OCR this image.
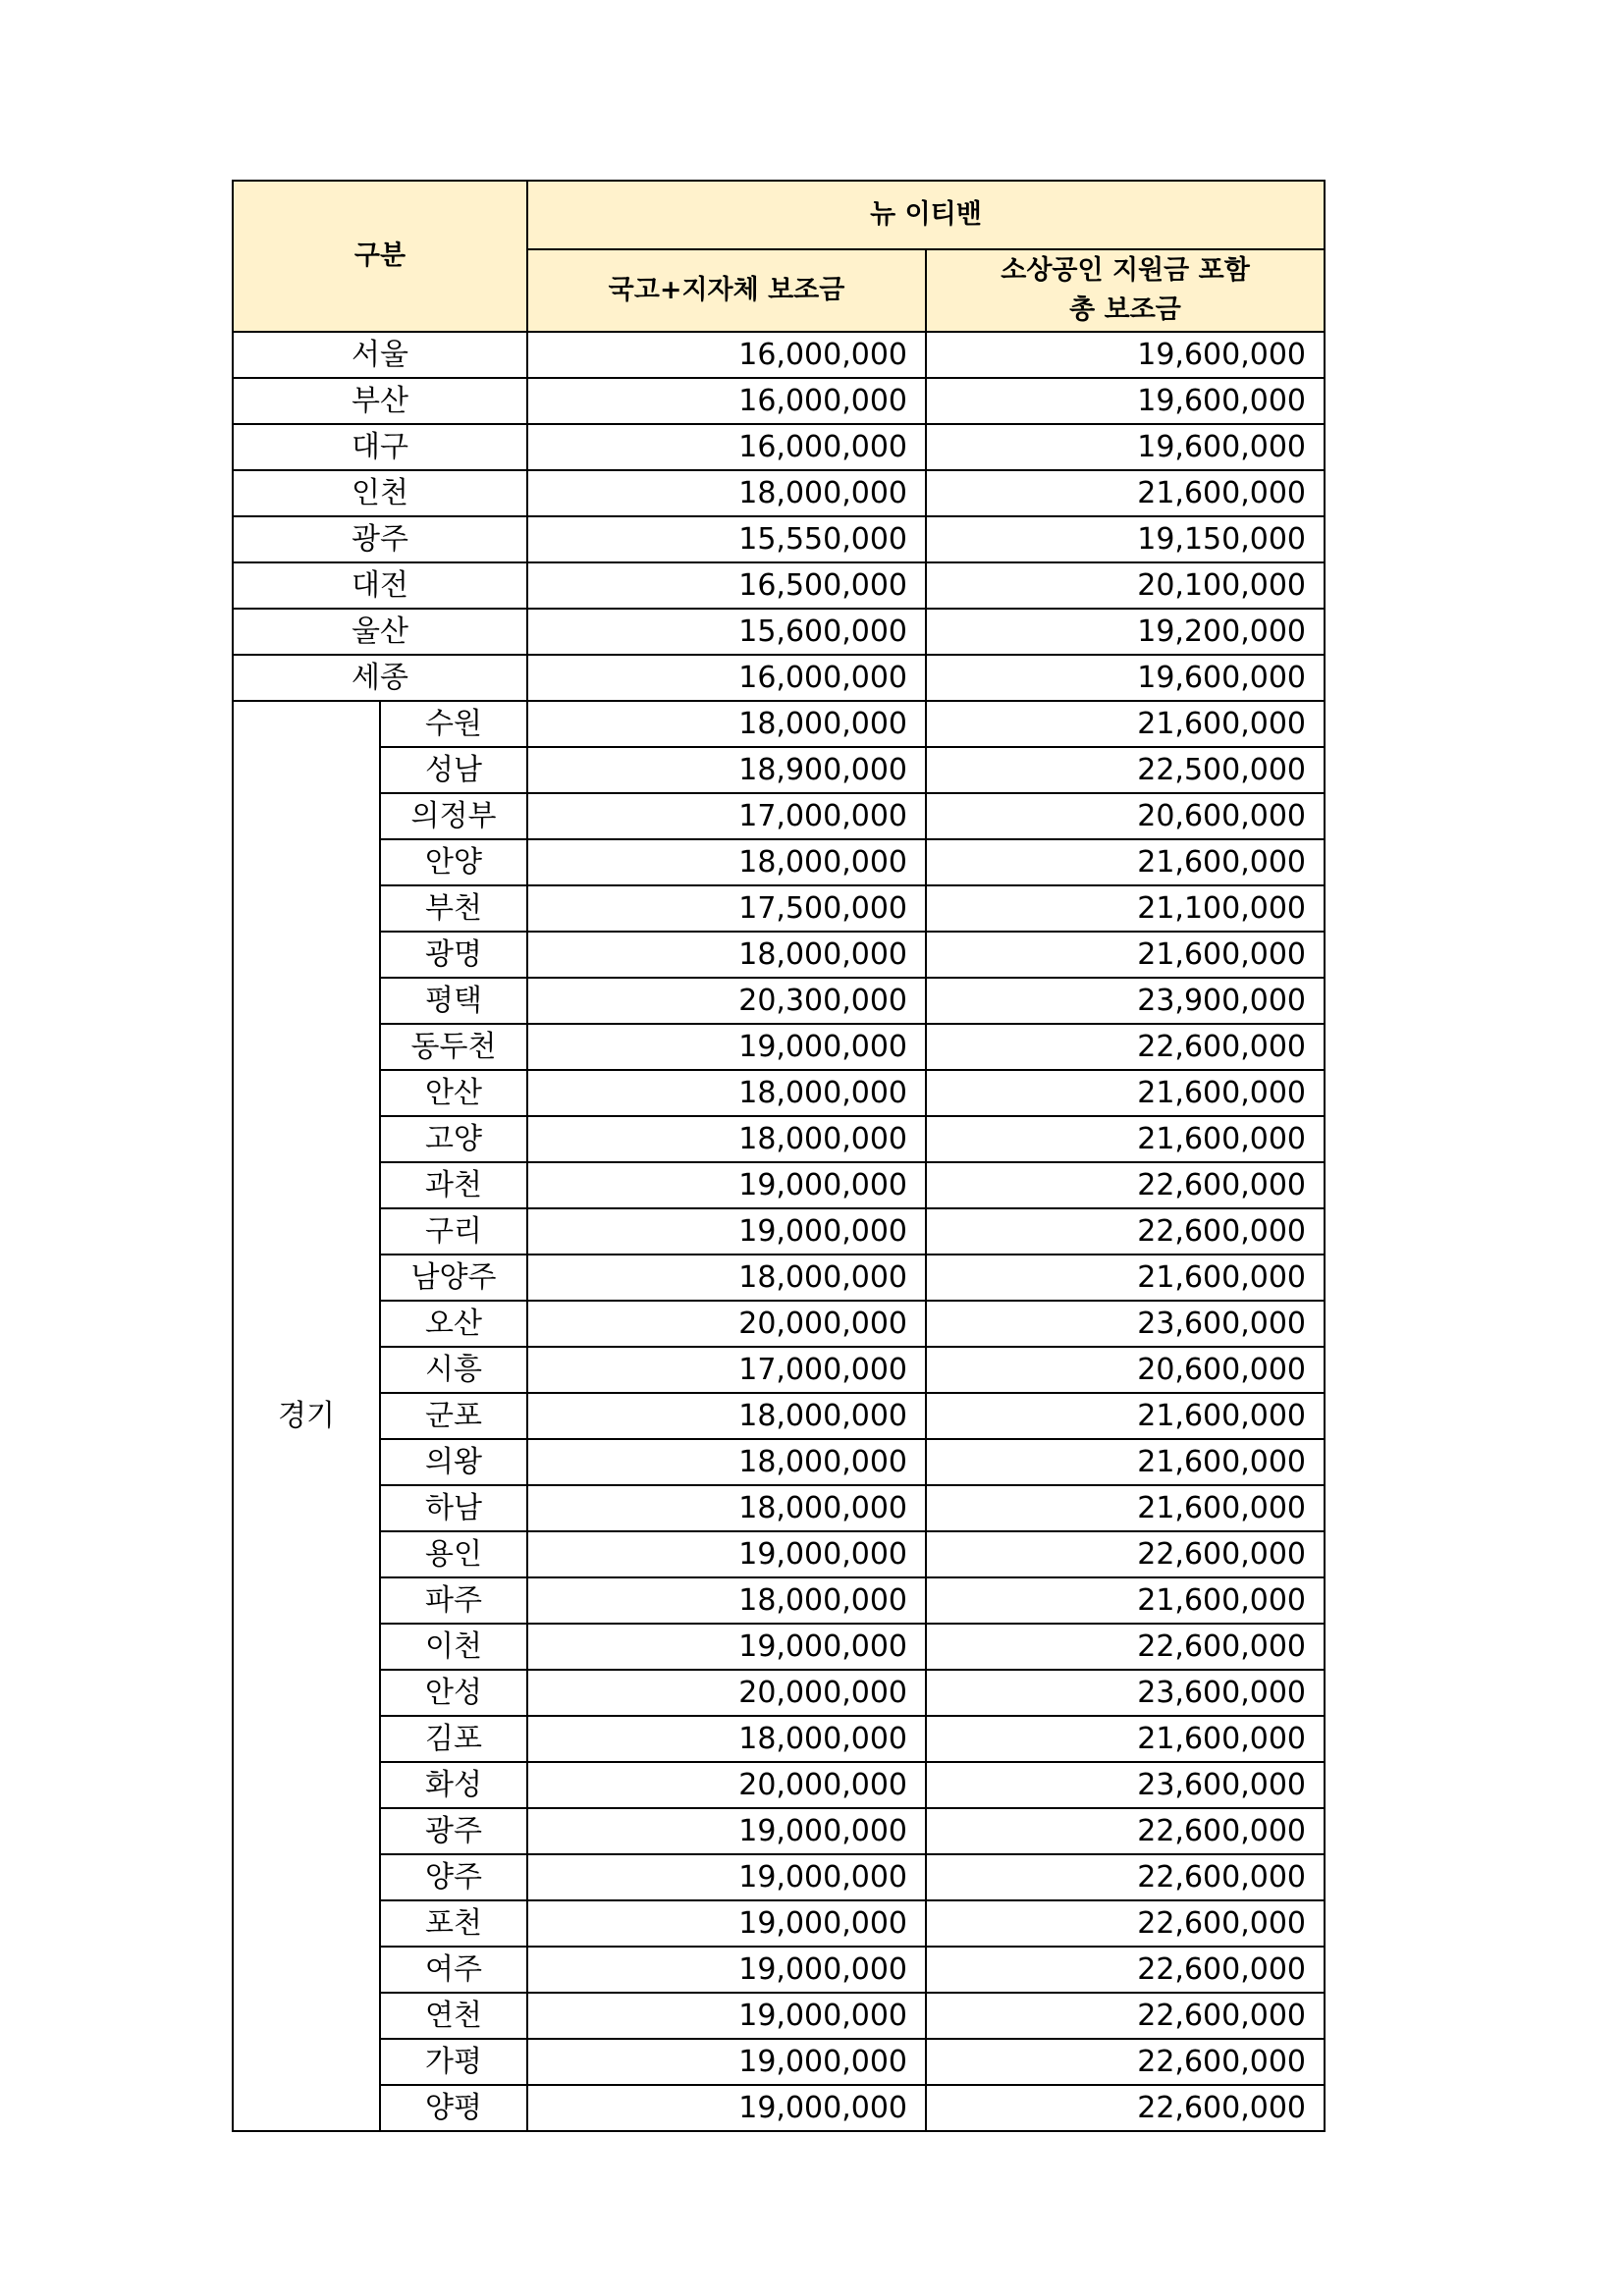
구분		뉴 이티밴	
		국고+지자체 보조금	소상공인 지원금 포함
총 보조금

서울		16,000,000	19,600,000
부산		16,000,000	19,600,000
대구		16,000,000	19,600,000
인천		18,000,000	21,600,000
광주		15,550,000	19,150,000
대전		16,500,000	20,100,000
울산		15,600,000	19,200,000
세종		16,000,000	19,600,000
경기	수원	18,000,000	21,600,000
	성남	18,900,000	22,500,000
	의정부	17,000,000	20,600,000
	안양	18,000,000	21,600,000
	부천	17,500,000	21,100,000
	광명	18,000,000	21,600,000
	평택	20,300,000	23,900,000
	동두천	19,000,000	22,600,000
	안산	18,000,000	21,600,000
	고양	18,000,000	21,600,000
	과천	19,000,000	22,600,000
	구리	19,000,000	22,600,000
	남양주	18,000,000	21,600,000
	오산	20,000,000	23,600,000
	시흥	17,000,000	20,600,000
	군포	18,000,000	21,600,000
	의왕	18,000,000	21,600,000
	하남	18,000,000	21,600,000
	용인	19,000,000	22,600,000
	파주	18,000,000	21,600,000
	이천	19,000,000	22,600,000
	안성	20,000,000	23,600,000
	김포	18,000,000	21,600,000
	화성	20,000,000	23,600,000
	광주	19,000,000	22,600,000
	양주	19,000,000	22,600,000
	포천	19,000,000	22,600,000
	여주	19,000,000	22,600,000
	연천	19,000,000	22,600,000
	가평	19,000,000	22,600,000
	양평	19,000,000	22,600,000
